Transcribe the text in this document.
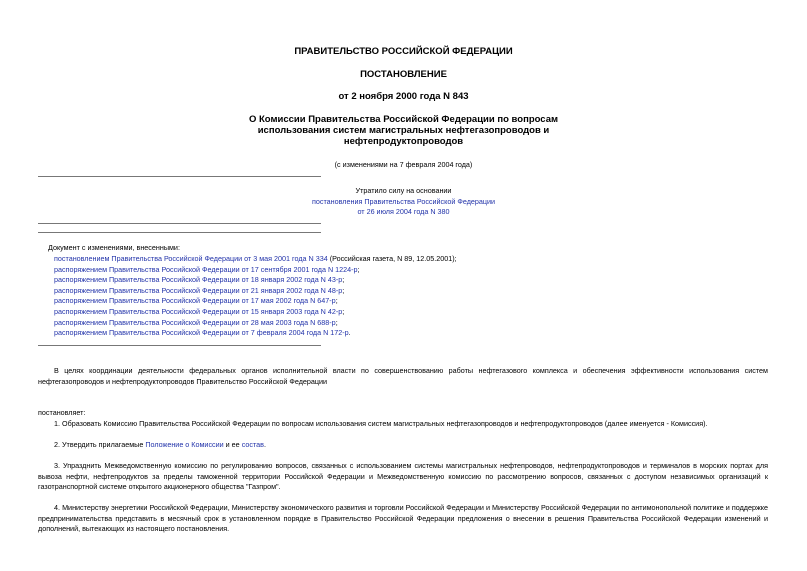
ПРАВИТЕЛЬСТВО РОССИЙСКОЙ ФЕДЕРАЦИИ
ПОСТАНОВЛЕНИЕ
от 2 ноября 2000 года N 843
О Комиссии Правительства Российской Федерации по вопросам
использования систем магистральных нефтегазопроводов и
нефтепродуктопроводов
(с изменениями на 7 февраля 2004 года)
Утратило силу на основании
постановления Правительства Российской Федерации
от 26 июля 2004 года N 380
Документ с изменениями, внесенными:
постановлением Правительства Российской Федерации от 3 мая 2001 года N 334 (Российская газета, N 89, 12.05.2001);
распоряжением Правительства Российской Федерации от 17 сентября 2001 года N 1224-р;
распоряжением Правительства Российской Федерации от 18 января 2002 года N 43-р;
распоряжением Правительства Российской Федерации от 21 января 2002 года N 48-р;
распоряжением Правительства Российской Федерации от 17 мая 2002 года N 647-р;
распоряжением Правительства Российской Федерации от 15 января 2003 года N 42-р;
распоряжением Правительства Российской Федерации от 28 мая 2003 года N 688-р;
распоряжением Правительства Российской Федерации от 7 февраля 2004 года N 172-р.
В целях координации деятельности федеральных органов исполнительной власти по совершенствованию работы нефтегазового комплекса и обеспечения эффективности использования систем нефтегазопроводов и нефтепродуктопроводов Правительство Российской Федерации
постановляет:
1. Образовать Комиссию Правительства Российской Федерации по вопросам использования систем магистральных нефтегазопроводов и нефтепродуктопроводов (далее именуется - Комиссия).
2. Утвердить прилагаемые Положение о Комиссии и ее состав.
3. Упразднить Межведомственную комиссию по регулированию вопросов, связанных с использованием системы магистральных нефтепроводов, нефтепродуктопроводов и терминалов в морских портах для вывоза нефти, нефтепродуктов за пределы таможенной территории Российской Федерации и Межведомственную комиссию по рассмотрению вопросов, связанных с доступом независимых организаций к газотранспортной системе открытого акционерного общества "Газпром".
4. Министерству энергетики Российской Федерации, Министерству экономического развития и торговли Российской Федерации и Министерству Российской Федерации по антимонопольной политике и поддержке предпринимательства представить в месячный срок в установленном порядке в Правительство Российской Федерации предложения о внесении в решения Правительства Российской Федерации изменений и дополнений, вытекающих из настоящего постановления.
